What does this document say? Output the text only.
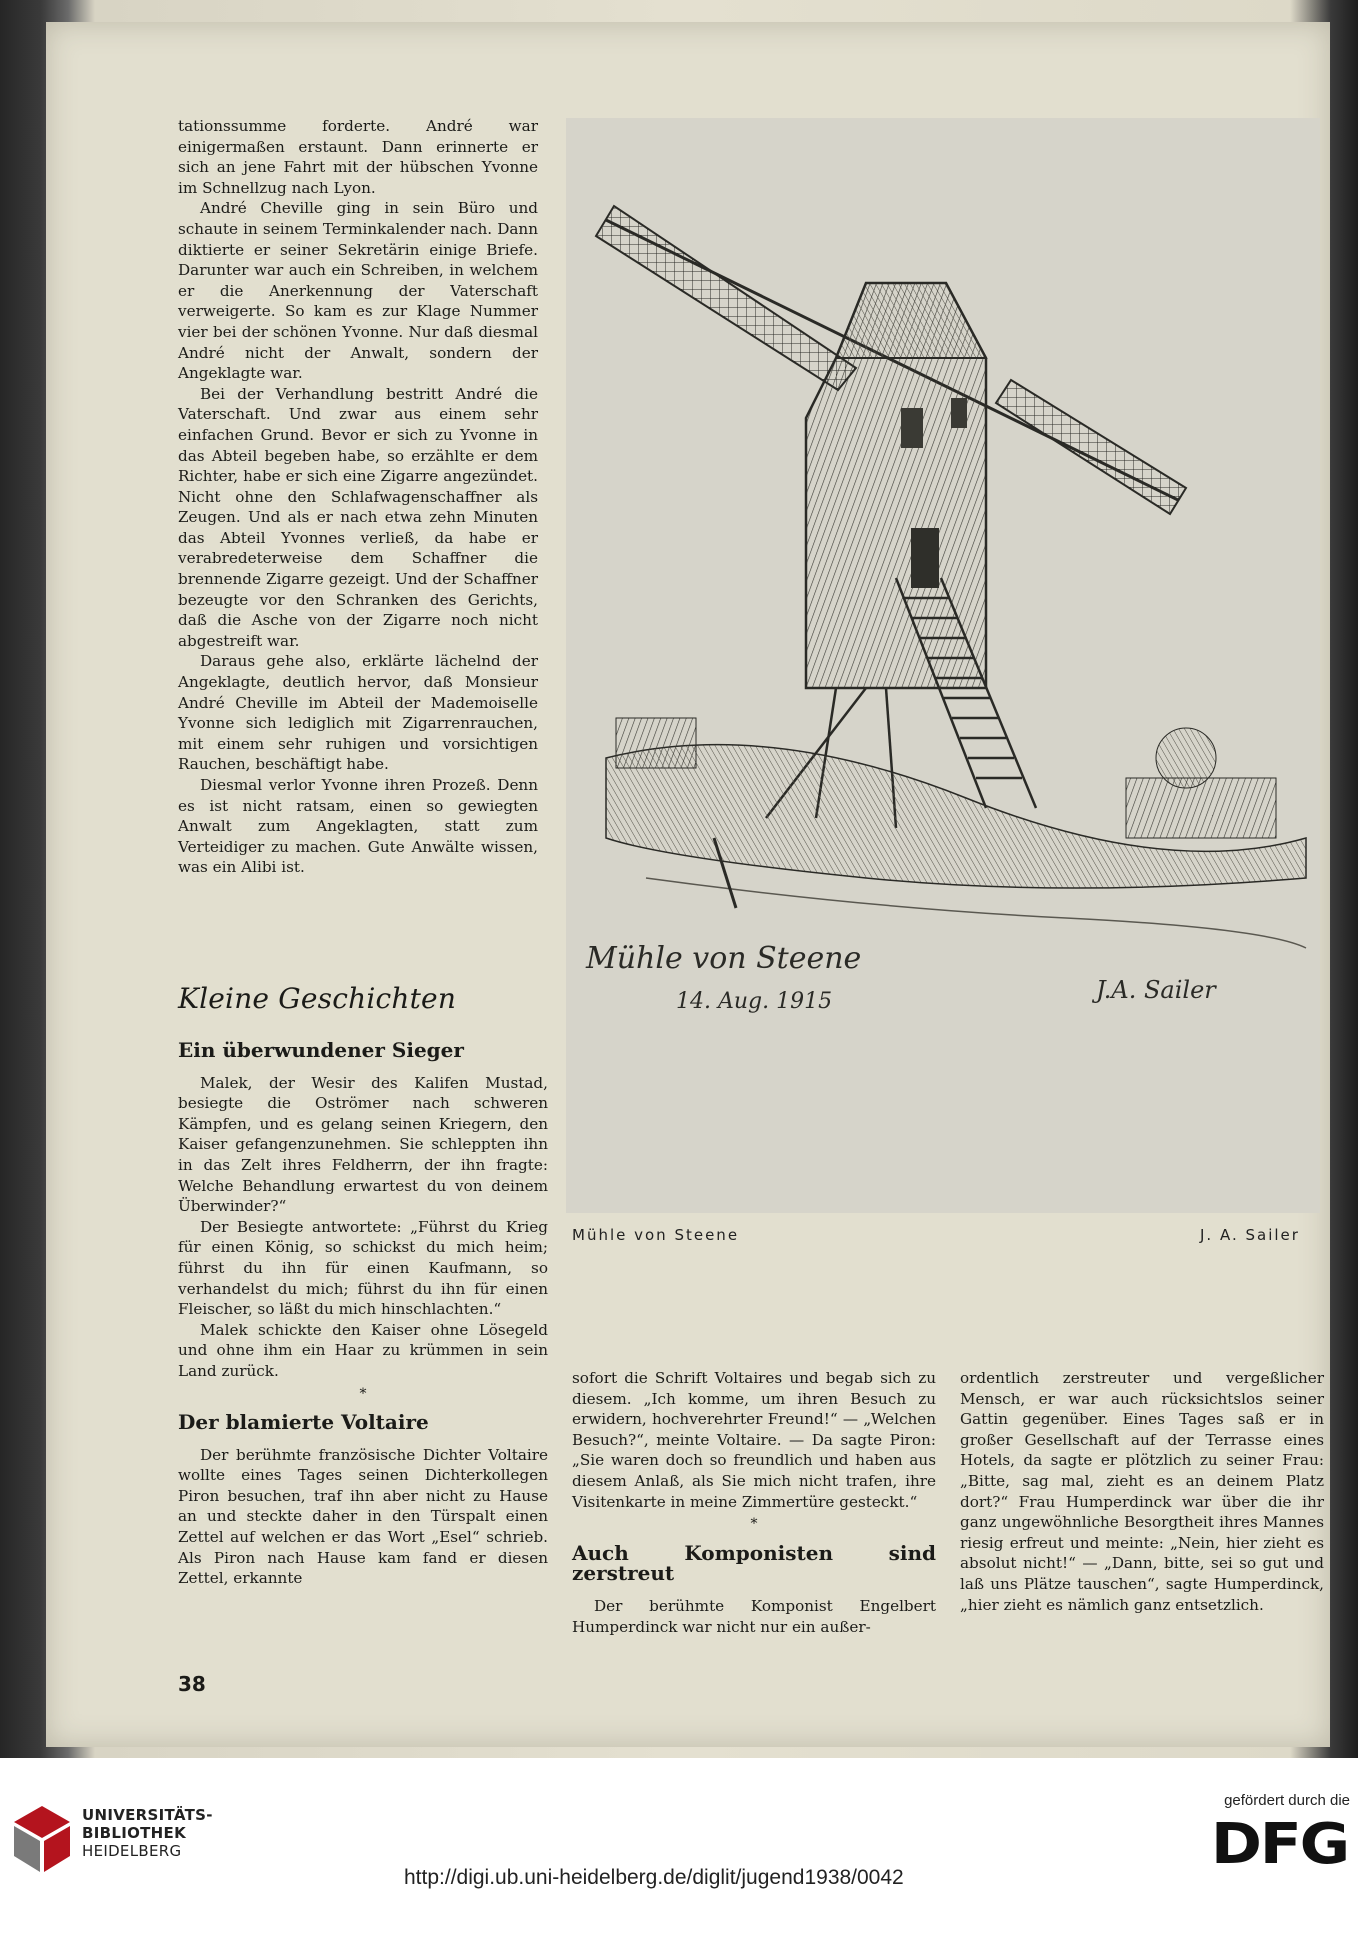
tationssumme forderte. André war einigermaßen erstaunt. Dann erinnerte er sich an jene Fahrt mit der hübschen Yvonne im Schnellzug nach Lyon.

André Cheville ging in sein Büro und schaute in seinem Terminkalender nach. Dann diktierte er seiner Sekretärin einige Briefe. Darunter war auch ein Schreiben, in welchem er die Anerkennung der Vaterschaft verweigerte. So kam es zur Klage Nummer vier bei der schönen Yvonne. Nur daß diesmal André nicht der Anwalt, sondern der Angeklagte war.

Bei der Verhandlung bestritt André die Vaterschaft. Und zwar aus einem sehr einfachen Grund. Bevor er sich zu Yvonne in das Abteil begeben habe, so erzählte er dem Richter, habe er sich eine Zigarre angezündet. Nicht ohne den Schlafwagenschaffner als Zeugen. Und als er nach etwa zehn Minuten das Abteil Yvonnes verließ, da habe er verabredeterweise dem Schaffner die brennende Zigarre gezeigt. Und der Schaffner bezeugte vor den Schranken des Gerichts, daß die Asche von der Zigarre noch nicht abgestreift war.

Daraus gehe also, erklärte lächelnd der Angeklagte, deutlich hervor, daß Monsieur André Cheville im Abteil der Mademoiselle Yvonne sich lediglich mit Zigarrenrauchen, mit einem sehr ruhigen und vorsichtigen Rauchen, beschäftigt habe.

Diesmal verlor Yvonne ihren Prozeß. Denn es ist nicht ratsam, einen so gewiegten Anwalt zum Angeklagten, statt zum Verteidiger zu machen. Gute Anwälte wissen, was ein Alibi ist.

Kleine Geschichten
Ein überwundener Sieger

Malek, der Wesir des Kalifen Mustad, besiegte die Oströmer nach schweren Kämpfen, und es gelang seinen Kriegern, den Kaiser gefangenzunehmen. Sie schleppten ihn in das Zelt ihres Feldherrn, der ihn fragte: Welche Behandlung erwartest du von deinem Überwinder?“

Der Besiegte antwortete: „Führst du Krieg für einen König, so schickst du mich heim; führst du ihn für einen Kaufmann, so verhandelst du mich; führst du ihn für einen Fleischer, so läßt du mich hinschlachten.“

Malek schickte den Kaiser ohne Lösegeld und ohne ihm ein Haar zu krümmen in sein Land zurück.

*
Der blamierte Voltaire

Der berühmte französische Dichter Voltaire wollte eines Tages seinen Dichterkollegen Piron besuchen, traf ihn aber nicht zu Hause an und steckte daher in den Türspalt einen Zettel auf welchen er das Wort „Esel“ schrieb. Als Piron nach Hause kam fand er diesen Zettel, erkannte

sofort die Schrift Voltaires und begab sich zu diesem. „Ich komme, um ihren Besuch zu erwidern, hochverehrter Freund!“ — „Welchen Besuch?“, meinte Voltaire. — Da sagte Piron: „Sie waren doch so freundlich und haben aus diesem Anlaß, als Sie mich nicht trafen, ihre Visitenkarte in meine Zimmertüre gesteckt.“

*
Auch Komponisten sind zerstreut

Der berühmte Komponist Engelbert Humperdinck war nicht nur ein außer-

ordentlich zerstreuter und vergeßlicher Mensch, er war auch rücksichtslos seiner Gattin gegenüber. Eines Tages saß er in großer Gesellschaft auf der Terrasse eines Hotels, da sagte er plötzlich zu seiner Frau: „Bitte, sag mal, zieht es an deinem Platz dort?“ Frau Humperdinck war über die ihr ganz ungewöhnliche Besorgtheit ihres Mannes riesig erfreut und meinte: „Nein, hier zieht es absolut nicht!“ — „Dann, bitte, sei so gut und laß uns Plätze tauschen“, sagte Humperdinck, „hier zieht es nämlich ganz entsetzlich.

Mühle von Steene
14. Aug. 1915	J.A. Sailer
Mühle von Steene	J. A. Sailer
38
UNIVERSITÄTS-
BIBLIOTHEK
HEIDELBERG
http://digi.ub.uni-heidelberg.de/diglit/jugend1938/0042
gefördert durch die
DFG
